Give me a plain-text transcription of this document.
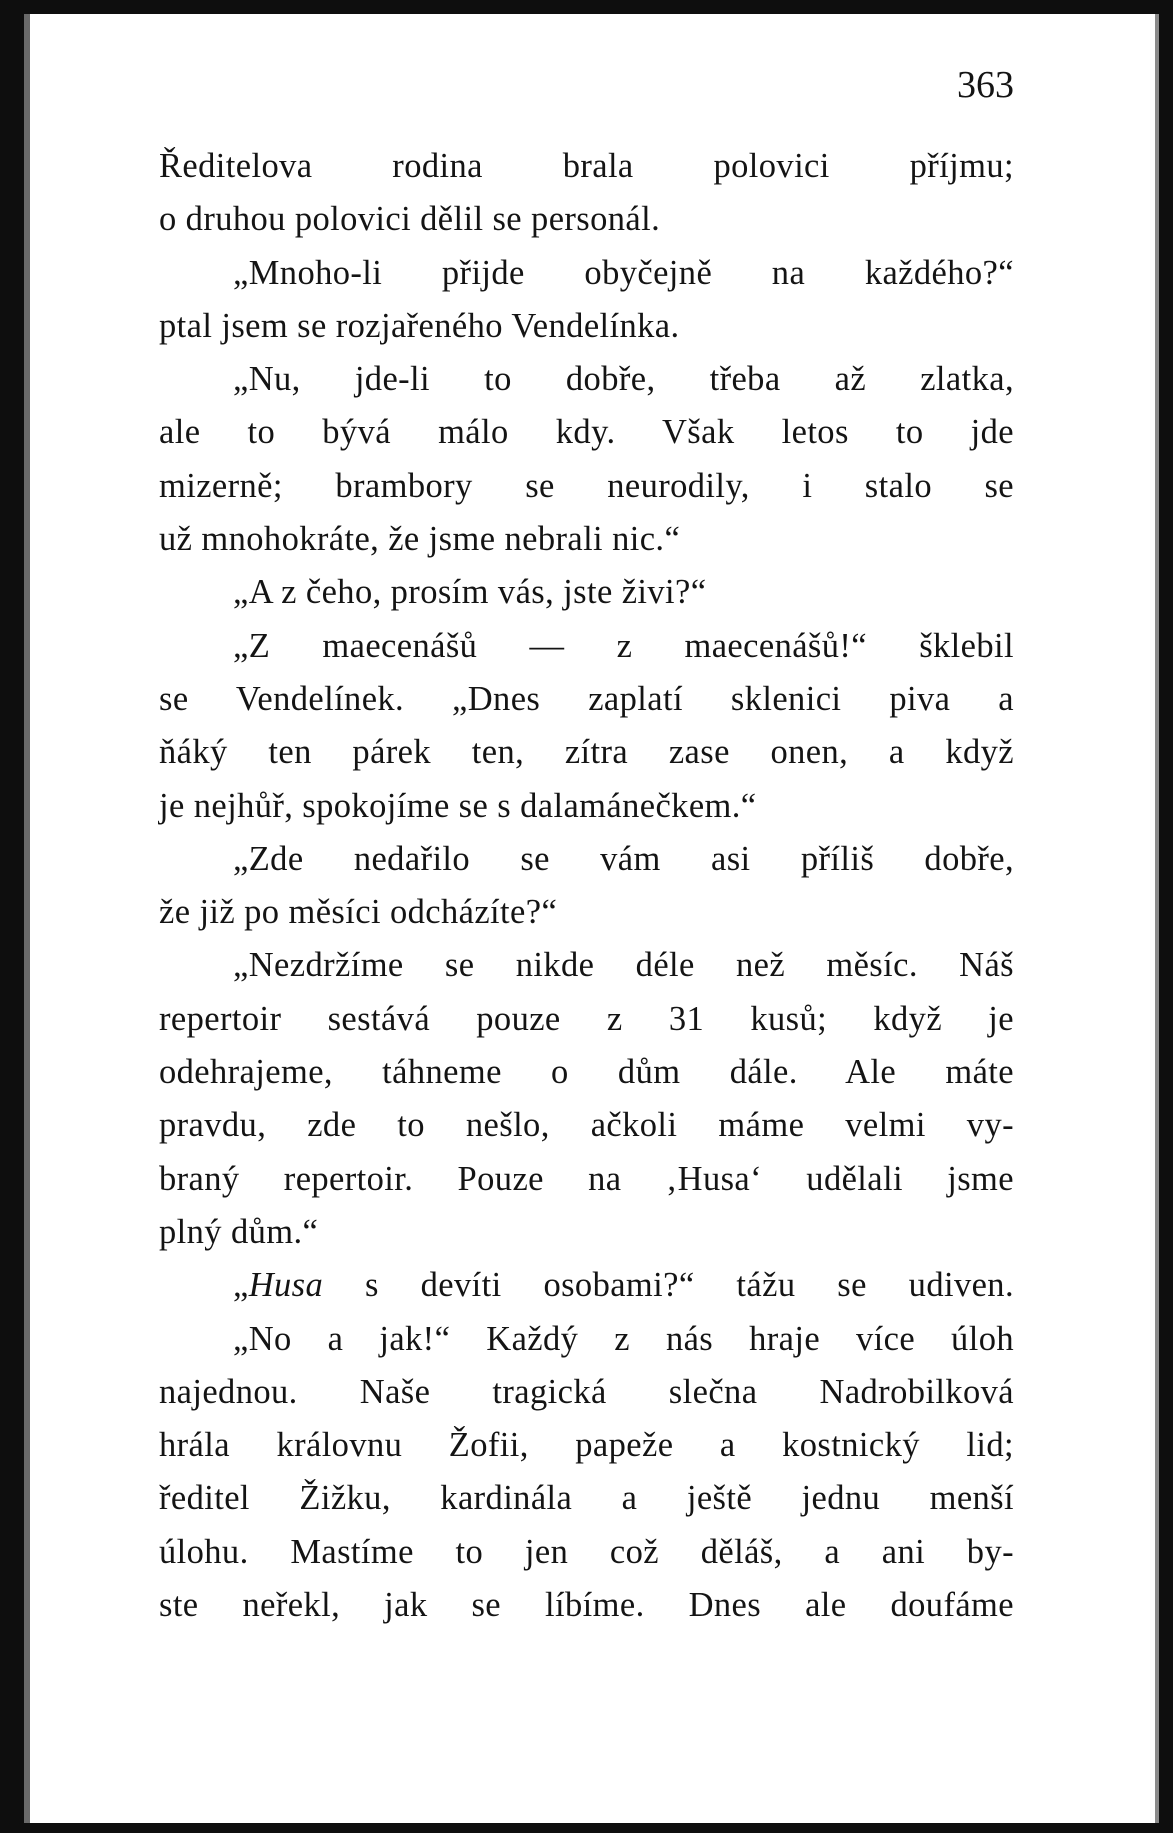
363
Ředitelova rodina brala polovici příjmu;
o druhou polovici dělil se personál.
„Mnoho-li přijde obyčejně na každého?“
ptal jsem se rozjařeného Vendelínka.
„Nu, jde-li to dobře, třeba až zlatka,
ale to bývá málo kdy. Však letos to jde
mizerně; brambory se neurodily, i stalo se
už mnohokráte, že jsme nebrali nic.“
„A z čeho, prosím vás, jste živi?“
„Z maecenášů — z maecenášů!“ šklebil
se Vendelínek. „Dnes zaplatí sklenici piva a
ňáký ten párek ten, zítra zase onen, a když
je nejhůř, spokojíme se s dalamánečkem.“
„Zde nedařilo se vám asi příliš dobře,
že již po měsíci odcházíte?“
„Nezdržíme se nikde déle než měsíc. Náš
repertoir sestává pouze z 31 kusů; když je
odehrajeme, táhneme o dům dále. Ale máte
pravdu, zde to nešlo, ačkoli máme velmi vy-
braný repertoir. Pouze na ‚Husa‘ udělali jsme
plný dům.“
„Husa s devíti osobami?“ tážu se udiven.
„No a jak!“ Každý z nás hraje více úloh
najednou. Naše tragická slečna Nadrobilková
hrála královnu Žofii, papeže a kostnický lid;
ředitel Žižku, kardinála a ještě jednu menší
úlohu. Mastíme to jen což děláš, a ani by-
ste neřekl, jak se líbíme. Dnes ale doufáme
